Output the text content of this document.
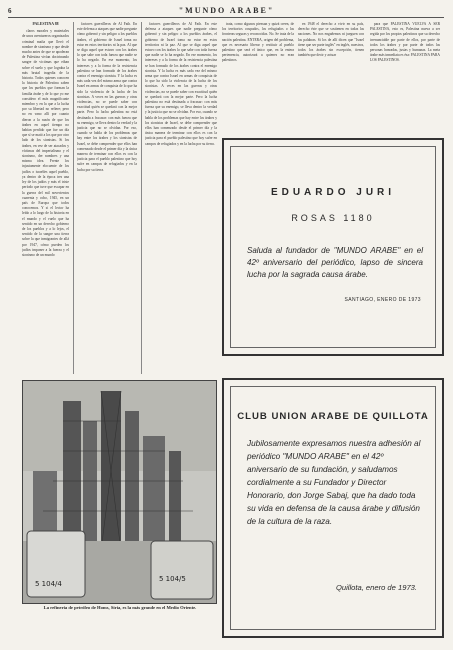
6	"MUNDO ARABE"

PALESTINA 88

claros morales y materiales de unos aventureros organizados criminal mafia que llevó el nombre de sionismo y que desde mucho antes de que se apoderan de Palestina vivían doctrinando sangre de victimas que eiban sobre el suelo y que lograba la más brutal tragedia de la historia. Todos quienes conocen la historia de Palestina saben que los pueblos que forman la familia árabe y de lo que yo me considero el más magnificante miembro y en la que a la lucha por su libertad no refiere; pero no en vano allí por cuanto dieron a la razón de que los árabes en aquel tiempo no habían perdido que fue un día que sí se mató a los que por otro lado de los sionistas. Si los árabes, en vez de ser atacados y víctimas del imperialismo y el sionismo, der nombres y una misma idea. Frente los injustamente elocuente de los judíos o israelíes aquel pueblo, ya dentro de la época tres una ley de los judíos y más el triste período que tuve que escapar en la guerra del mil novecientos cuarenta y ocho, 1945, en un país de Europa que todos conocemos. Y si el lector ha leído a lo largo de la historia en el mundo y el vuelo que ha sentido en un derecho gobierno de los pueblos y a lo lejos, el sentido de la sangre una tierra sobre la que inmigrantes de allá por 1947, cómo pueden los judíos imponer a la fuerza y el sionismo de un mundo

factores guerrilleros de Al Fath. En este defensa a ataques que nadie pregunte cómo gobernó y sin peligro a los pueblos árabes, el gobierno de Israel toma no estar en estos territorios ni la paz. Al que se diga aquel que estuvo con los árabes lo que sabe con toda fuerza que nadie se lo ha negado. En ese momento, los intereses y a la forma de la resistencia palestina se han formado de los árabes contra el enemigo sionista. Y la lucha es más cada vez del mismo arma que contra Israel en armas de conquista de lo que ha sido la violencia de la lucha de los sionistas. A veces en las guerras y otras violencias, no se puede saber con exactitud quién se quedará con la mejor parte. Pero la lucha palestina no está destinada a fracasar: con más fuerza que su enemigo, se lleva dentro la verdad y la justicia que no se olvidan. Por eso, cuando se habla de los problemas que hay entre los árabes y los sionistas de Israel, se debe comprender que ellos han comenzado desde el primer día y la única manera de terminar con ellos es con la justicia para el pueblo palestino que hoy sufre en campos de refugiados y en la lucha por su tierra.

factores guerrilleros de Al Fath. En este defensa a ataques que nadie pregunte cómo gobernó y sin peligro a los pueblos árabes, el gobierno de Israel toma no estar en estos territorios ni la paz. Al que se diga aquel que estuvo con los árabes lo que sabe con toda fuerza que nadie se lo ha negado. En ese momento, los intereses y a la forma de la resistencia palestina se han formado de los árabes contra el enemigo sionista. Y la lucha es más cada vez del mismo arma que contra Israel en armas de conquista de lo que ha sido la violencia de la lucha de los sionistas. A veces en las guerras y otras violencias, no se puede saber con exactitud quién se quedará con la mejor parte. Pero la lucha palestina no está destinada a fracasar: con más fuerza que su enemigo, se lleva dentro la verdad y la justicia que no se olvidan. Por eso, cuando se habla de los problemas que hay entre los árabes y los sionistas de Israel, se debe comprender que ellos han comenzado desde el primer día y la única manera de terminar con ellos es con la justicia para el pueblo palestino que hoy sufre en campos de refugiados y en la lucha por su tierra.

trata, como algunos piensan y quizá creen, de los territorios ocupados, los refugiados o las fronteras seguras y reconocidas. No. Se trata de la nación palestina. ENTERA, origen del problema, que es necesario liberar y restituir al pueblo palestino que será el único que, en la entera pertenencia, autorizará a quienes no eran palestinos.

en 1948 el derecho a vivir en su país, derecho éste que se sostienen en todas las naciones. No nos engañemos ni jueguen con las palabras. Si los de allí dicen que "Israel tiene que ser parte inglés" en inglés, nuestros, todos los árabes sin excepción, tienen también que decir y actuar

para que PALESTINA VUELVA A SER PALESTINA, esto es, Palestina nueva a ser regida por los propios palestinos que su derecho irrenunciable por parte de ellos, por parte de todos los árabes y por parte de todos las personas honradas, justas y humanas. La meta árabe más inmediata es ésa: PALESTINA PARA LOS PALESTINOS.

EDUARDO JURI
ROSAS 1180
Saluda al fundador de "MUNDO ARABE" en el 42º aniversario del periódico, lapso de sincera lucha por la sagrada causa árabe.
SANTIAGO, ENERO DE 1973
5 104/4
5 104/5
La refinería de petróleo de Homs, Siria, es la más grande en el Medio Oriente.
CLUB UNION ARABE DE QUILLOTA
Jubilosamente expresamos nuestra adhesión al periódico "MUNDO ARABE" en el 42º aniversario de su fundación, y saludamos cordialmente a su Fundador y Director Honorario, don Jorge Sabaj, que ha dado toda su vida en defensa de la causa árabe y difusión de la cultura de la raza.
Quillota, enero de 1973.
